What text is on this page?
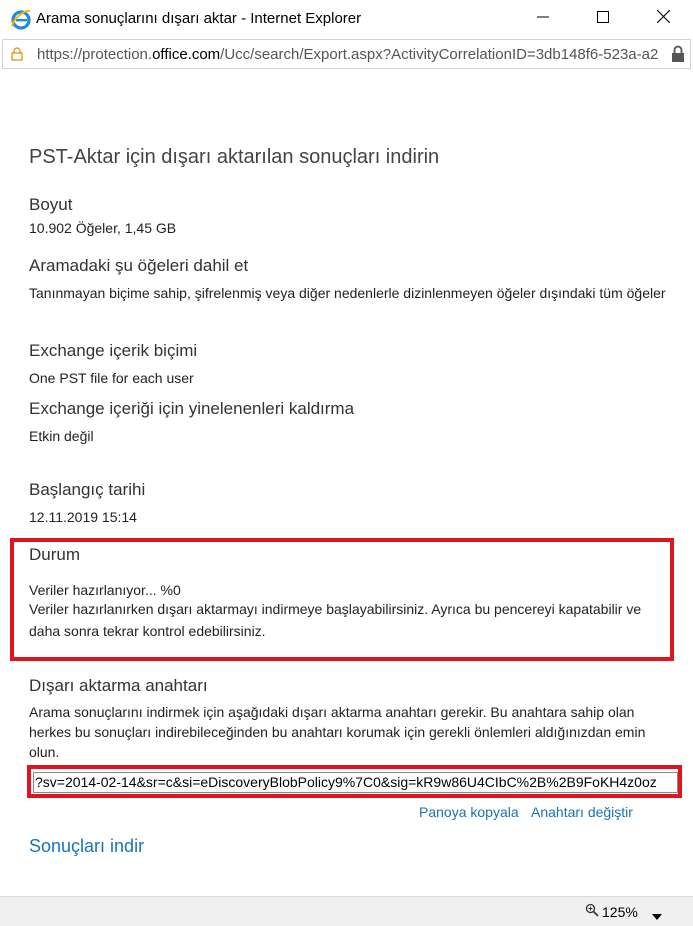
Arama sonuçlarını dışarı aktar - Internet Explorer
https://protection.office.com/Ucc/search/Export.aspx?ActivityCorrelationID=3db148f6-523a-a2
PST-Aktar için dışarı aktarılan sonuçları indirin
Boyut
10.902 Öğeler, 1,45 GB
Aramadaki şu öğeleri dahil et
Tanınmayan biçime sahip, şifrelenmiş veya diğer nedenlerle dizinlenmeyen öğeler dışındaki tüm öğeler
Exchange içerik biçimi
One PST file for each user
Exchange içeriği için yinelenenleri kaldırma
Etkin değil
Başlangıç tarihi
12.11.2019 15:14
Durum
Veriler hazırlanıyor... %0
Veriler hazırlanırken dışarı aktarmayı indirmeye başlayabilirsiniz. Ayrıca bu pencereyi kapatabilir ve daha sonra tekrar kontrol edebilirsiniz.
Dışarı aktarma anahtarı
Arama sonuçlarını indirmek için aşağıdaki dışarı aktarma anahtarı gerekir. Bu anahtara sahip olan herkes bu sonuçları indirebileceğinden bu anahtarı korumak için gerekli önlemleri aldığınızdan emin olun.
?sv=2014-02-14&sr=c&si=eDiscoveryBlobPolicy9%7C0&sig=kR9w86U4CIbC%2B%2B9FoKH4z0oz
Panoya kopyala Anahtarı değiştir
Sonuçları indir
125%
